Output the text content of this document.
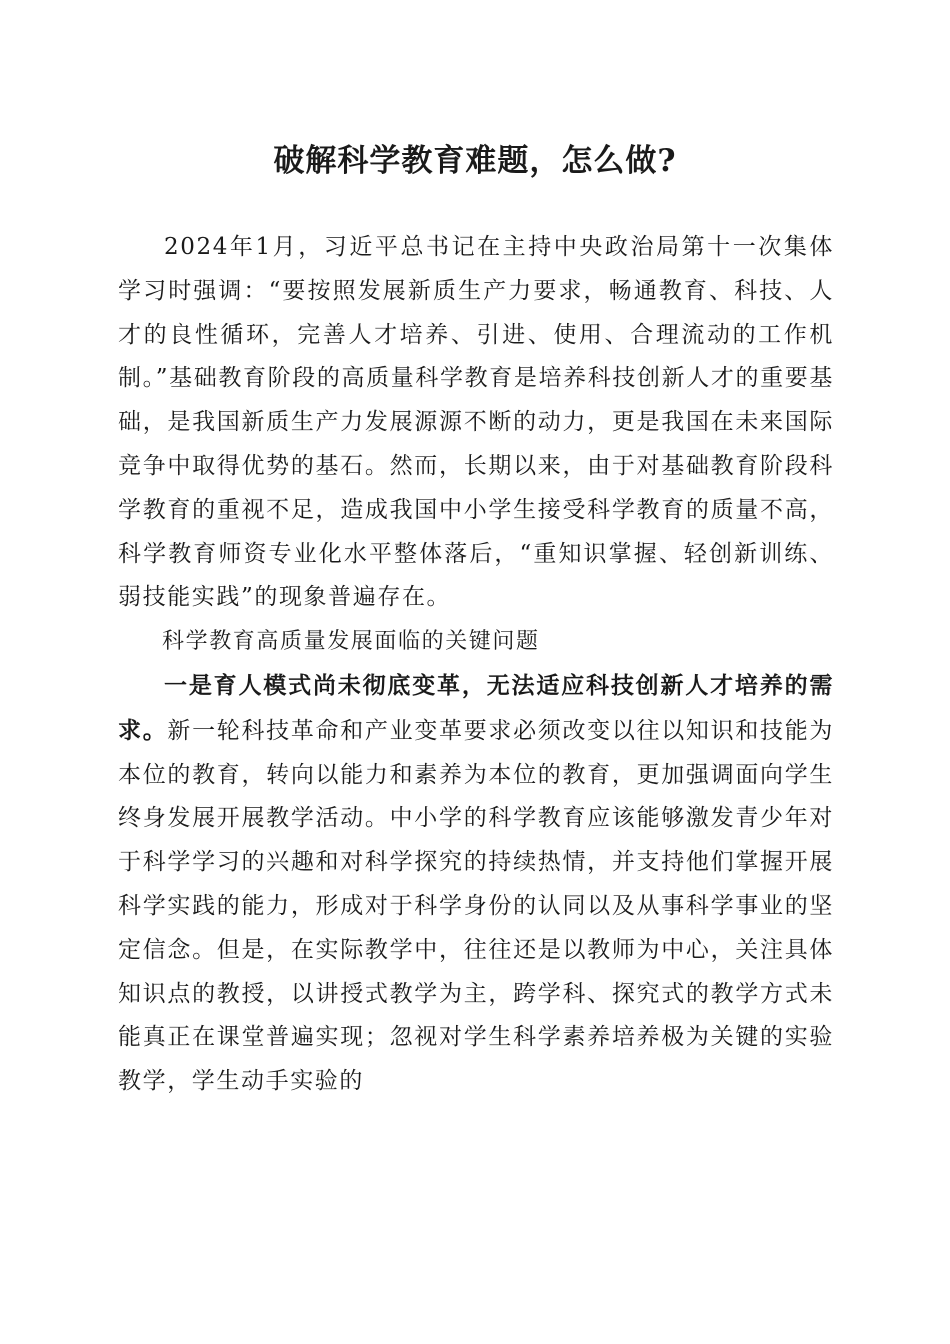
破解科学教育难题，怎么做?

2024年1月，习近平总书记在主持中央政治局第十一次集体学习时强调：“要按照发展新质生产力要求，畅通教育、科技、人才的良性循环，完善人才培养、引进、使用、合理流动的工作机制。”基础教育阶段的高质量科学教育是培养科技创新人才的重要基础，是我国新质生产力发展源源不断的动力，更是我国在未来国际竞争中取得优势的基石。然而，长期以来，由于对基础教育阶段科学教育的重视不足，造成我国中小学生接受科学教育的质量不高，科学教育师资专业化水平整体落后，“重知识掌握、轻创新训练、弱技能实践”的现象普遍存在。

科学教育高质量发展面临的关键问题

一是育人模式尚未彻底变革，无法适应科技创新人才培养的需求。新一轮科技革命和产业变革要求必须改变以往以知识和技能为本位的教育，转向以能力和素养为本位的教育，更加强调面向学生终身发展开展教学活动。中小学的科学教育应该能够激发青少年对于科学学习的兴趣和对科学探究的持续热情，并支持他们掌握开展科学实践的能力，形成对于科学身份的认同以及从事科学事业的坚定信念。但是，在实际教学中，往往还是以教师为中心，关注具体知识点的教授，以讲授式教学为主，跨学科、探究式的教学方式未能真正在课堂普遍实现；忽视对学生科学素养培养极为关键的实验教学，学生动手实验的
